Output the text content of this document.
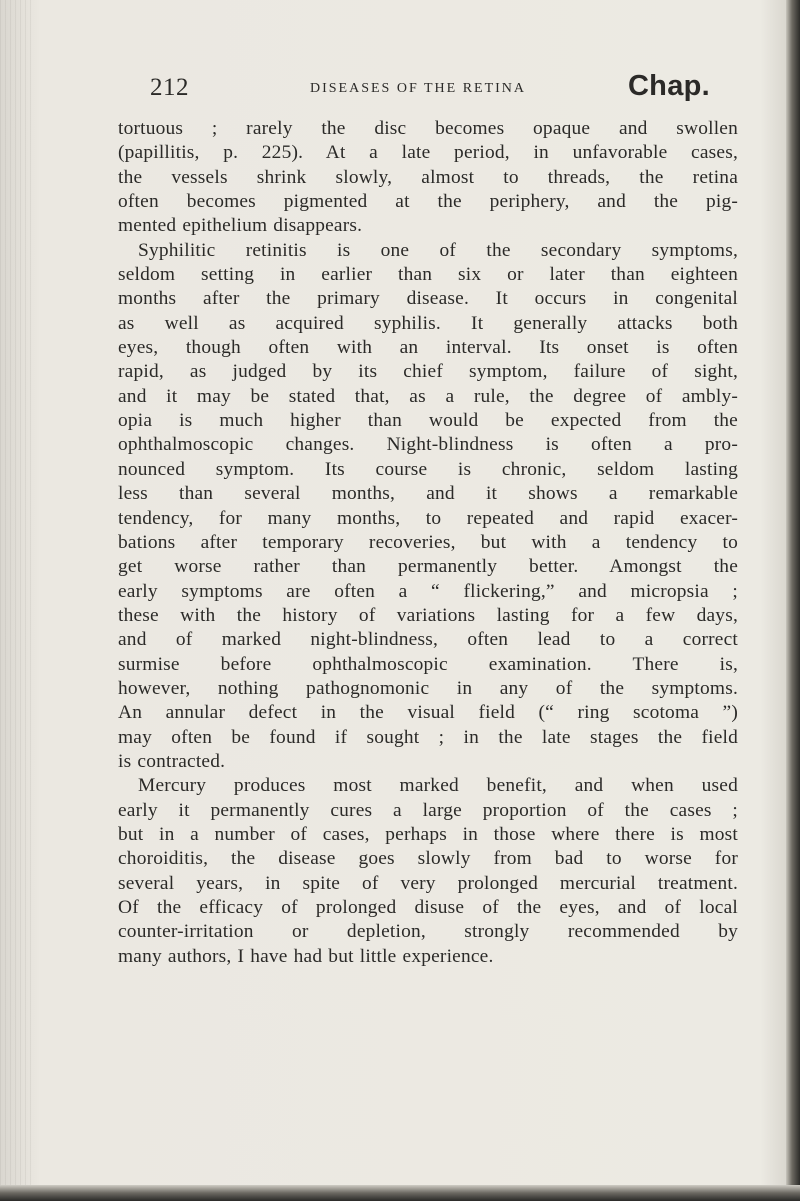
212	DISEASES OF THE RETINA	Chap.
tortuous ; rarely the disc becomes opaque and swollen
(papillitis, p. 225). At a late period, in unfavorable cases,
the vessels shrink slowly, almost to threads, the retina
often becomes pigmented at the periphery, and the pig-
mented epithelium disappears.
Syphilitic retinitis is one of the secondary symptoms,
seldom setting in earlier than six or later than eighteen
months after the primary disease. It occurs in congenital
as well as acquired syphilis. It generally attacks both
eyes, though often with an interval. Its onset is often
rapid, as judged by its chief symptom, failure of sight,
and it may be stated that, as a rule, the degree of ambly-
opia is much higher than would be expected from the
ophthalmoscopic changes. Night-blindness is often a pro-
nounced symptom. Its course is chronic, seldom lasting
less than several months, and it shows a remarkable
tendency, for many months, to repeated and rapid exacer-
bations after temporary recoveries, but with a tendency to
get worse rather than permanently better. Amongst the
early symptoms are often a “ flickering,” and micropsia ;
these with the history of variations lasting for a few days,
and of marked night-blindness, often lead to a correct
surmise before ophthalmoscopic examination. There is,
however, nothing pathognomonic in any of the symptoms.
An annular defect in the visual field (“ ring scotoma ”)
may often be found if sought ; in the late stages the field
is contracted.
Mercury produces most marked benefit, and when used
early it permanently cures a large proportion of the cases ;
but in a number of cases, perhaps in those where there is most
choroiditis, the disease goes slowly from bad to worse for
several years, in spite of very prolonged mercurial treatment.
Of the efficacy of prolonged disuse of the eyes, and of local
counter-irritation or depletion, strongly recommended by
many authors, I have had but little experience.
